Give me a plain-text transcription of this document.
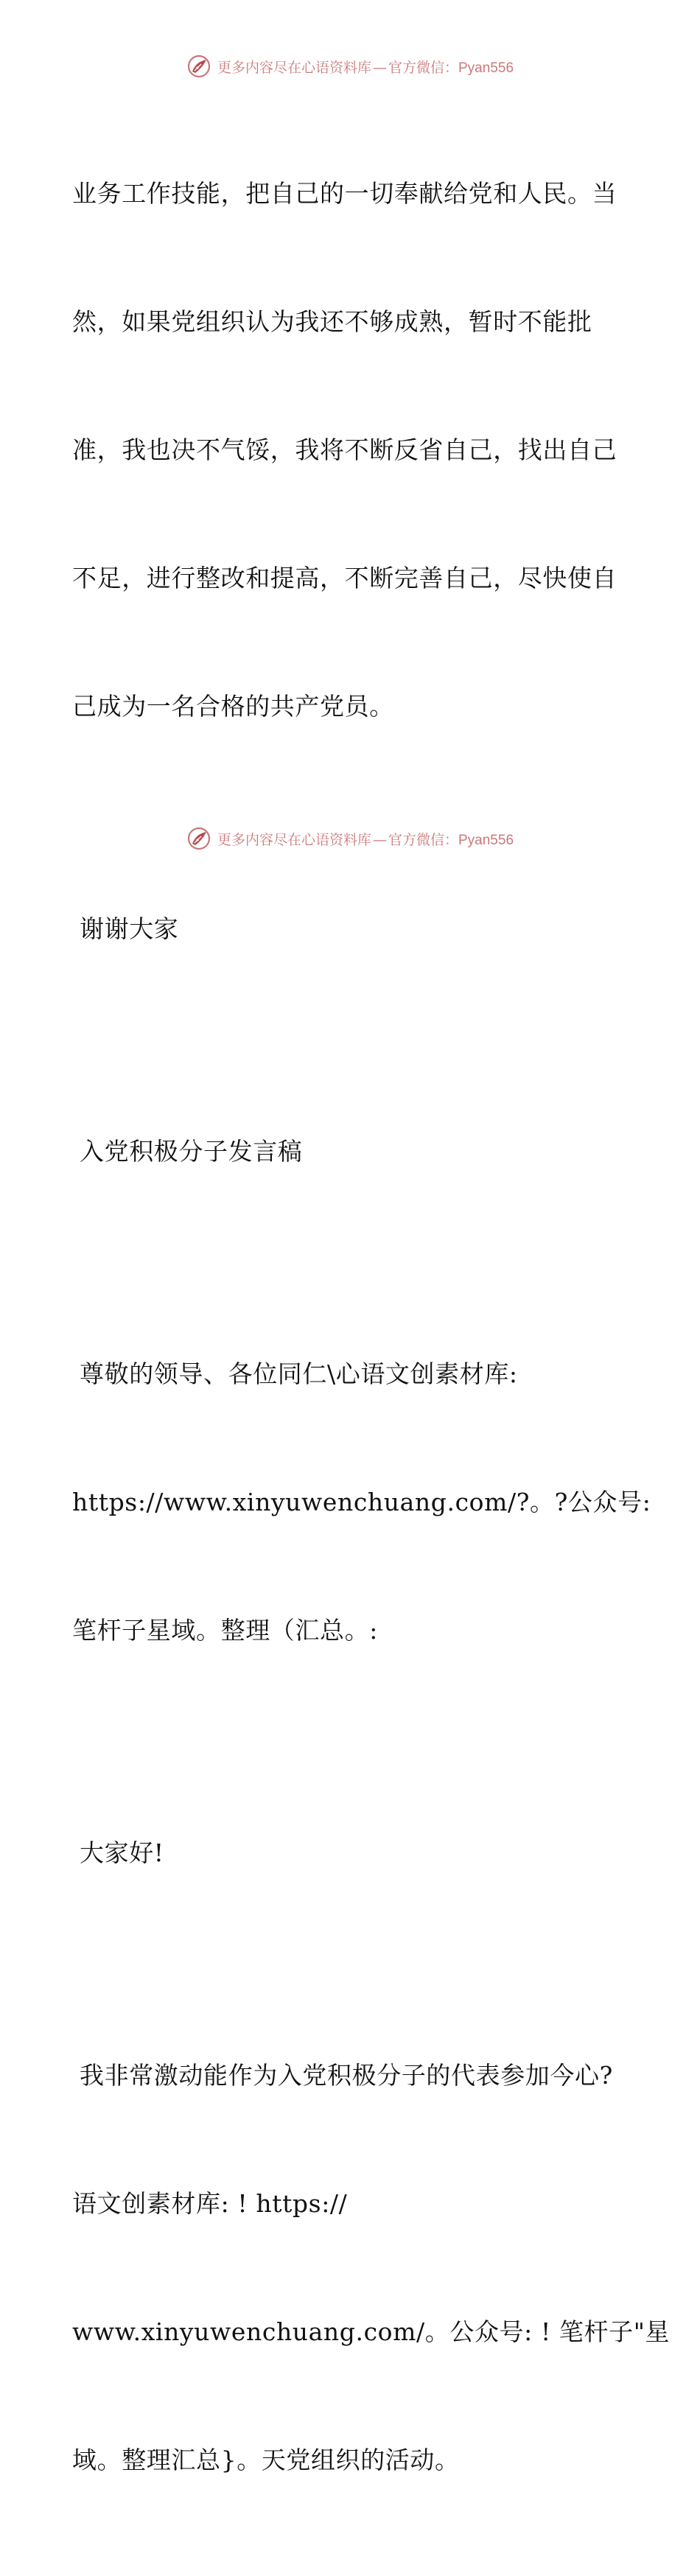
更多内容尽在心语资料库 — 官方微信：Pyan556

业务工作技能，把自己的一切奉献给党和人民。当

然，如果党组织认为我还不够成熟，暂时不能批

准，我也决不气馁，我将不断反省自己，找出自己

不足，进行整改和提高，不断完善自己，尽快使自

己成为一名合格的共产党员。

谢谢大家

入党积极分子发言稿

尊敬的领导、各位同仁\心语文创素材库:

https://www.xinyuwenchuang.com/?。?公众号:

笔杆子星域。整理（汇总。:

大家好!

我非常激动能作为入党积极分子的代表参加今心?

语文创素材库: ! https://

www.xinyuwenchuang.com/。公众号: ! 笔杆子"星

域。整理汇总}。天党组织的活动。

更多内容尽在心语资料库 — 官方微信：Pyan556
